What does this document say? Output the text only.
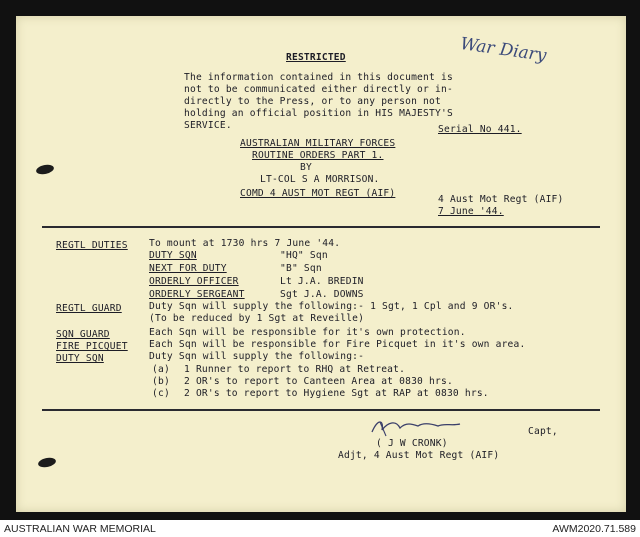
RESTRICTED	War Diary
The information contained in this document is
not to be communicated either directly or in-
directly to the Press, or to any person not
holding an official position in HIS MAJESTY'S
SERVICE.	Serial No 441.
AUSTRALIAN MILITARY FORCES
ROUTINE ORDERS PART 1.
BY
LT-COL S A MORRISON.
COMD 4 AUST MOT REGT (AIF)
4 Aust Mot Regt (AIF)
7 June '44.
REGTL DUTIES To mount at 1730 hrs 7 June '44.
DUTY SQN	"HQ" Sqn
NEXT FOR DUTY	"B" Sqn
ORDERLY OFFICER	Lt J.A. BREDIN
ORDERLY SERGEANT	Sgt J.A. DOWNS
REGTL GUARD	Duty Sqn will supply the following:- 1 Sgt, 1 Cpl and 9 OR's.
(To be reduced by 1 Sgt at Reveille)
SQN GUARD	Each Sqn will be responsible for it's own protection.
FIRE PICQUET Each Sqn will be responsible for Fire Picquet in it's own area.
DUTY SQN	Duty Sqn will supply the following:-
(a) 1 Runner to report to RHQ at Retreat.
(b) 2 OR's to report to Canteen Area at 0830 hrs.
(c) 2 OR's to report to Hygiene Sgt at RAP at 0830 hrs.
Capt,
( J W CRONK)
Adjt, 4 Aust Mot Regt (AIF)
AUSTRALIAN WAR MEMORIAL	AWM2020.71.589
